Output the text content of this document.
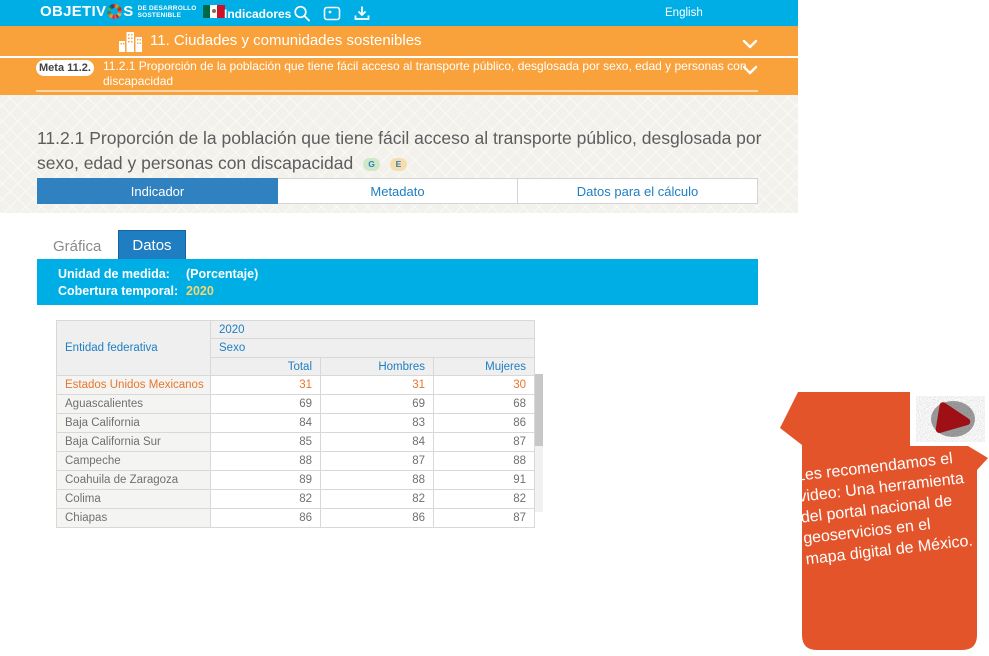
OBJETIV S DE DESARROLLO
SOSTENIBLE	Indicadores	English
11. Ciudades y comunidades sostenibles
Meta 11.2. 11.2.1 Proporción de la población que tiene fácil acceso al transporte público, desglosada por sexo, edad y personas con discapacidad
11.2.1 Proporción de la población que tiene fácil acceso al transporte público, desglosada por sexo, edad y personas con discapacidad G E
Indicador	Metadato	Datos para el cálculo
Gráfica	Datos
Unidad de medida:	(Porcentaje)
Cobertura temporal: 2020
Entidad federativa	2020		
	Sexo		
	Total	Hombres	Mujeres
Estados Unidos Mexicanos	31	31	30
Aguascalientes	69	69	68
Baja California	84	83	86
Baja California Sur	85	84	87
Campeche	88	87	88
Coahuila de Zaragoza	89	88	91
Colima	82	82	82
Chiapas	86	86	87
Les recomendamos el video: Una herramienta del portal nacional de geoservicios en el mapa digital de México.
